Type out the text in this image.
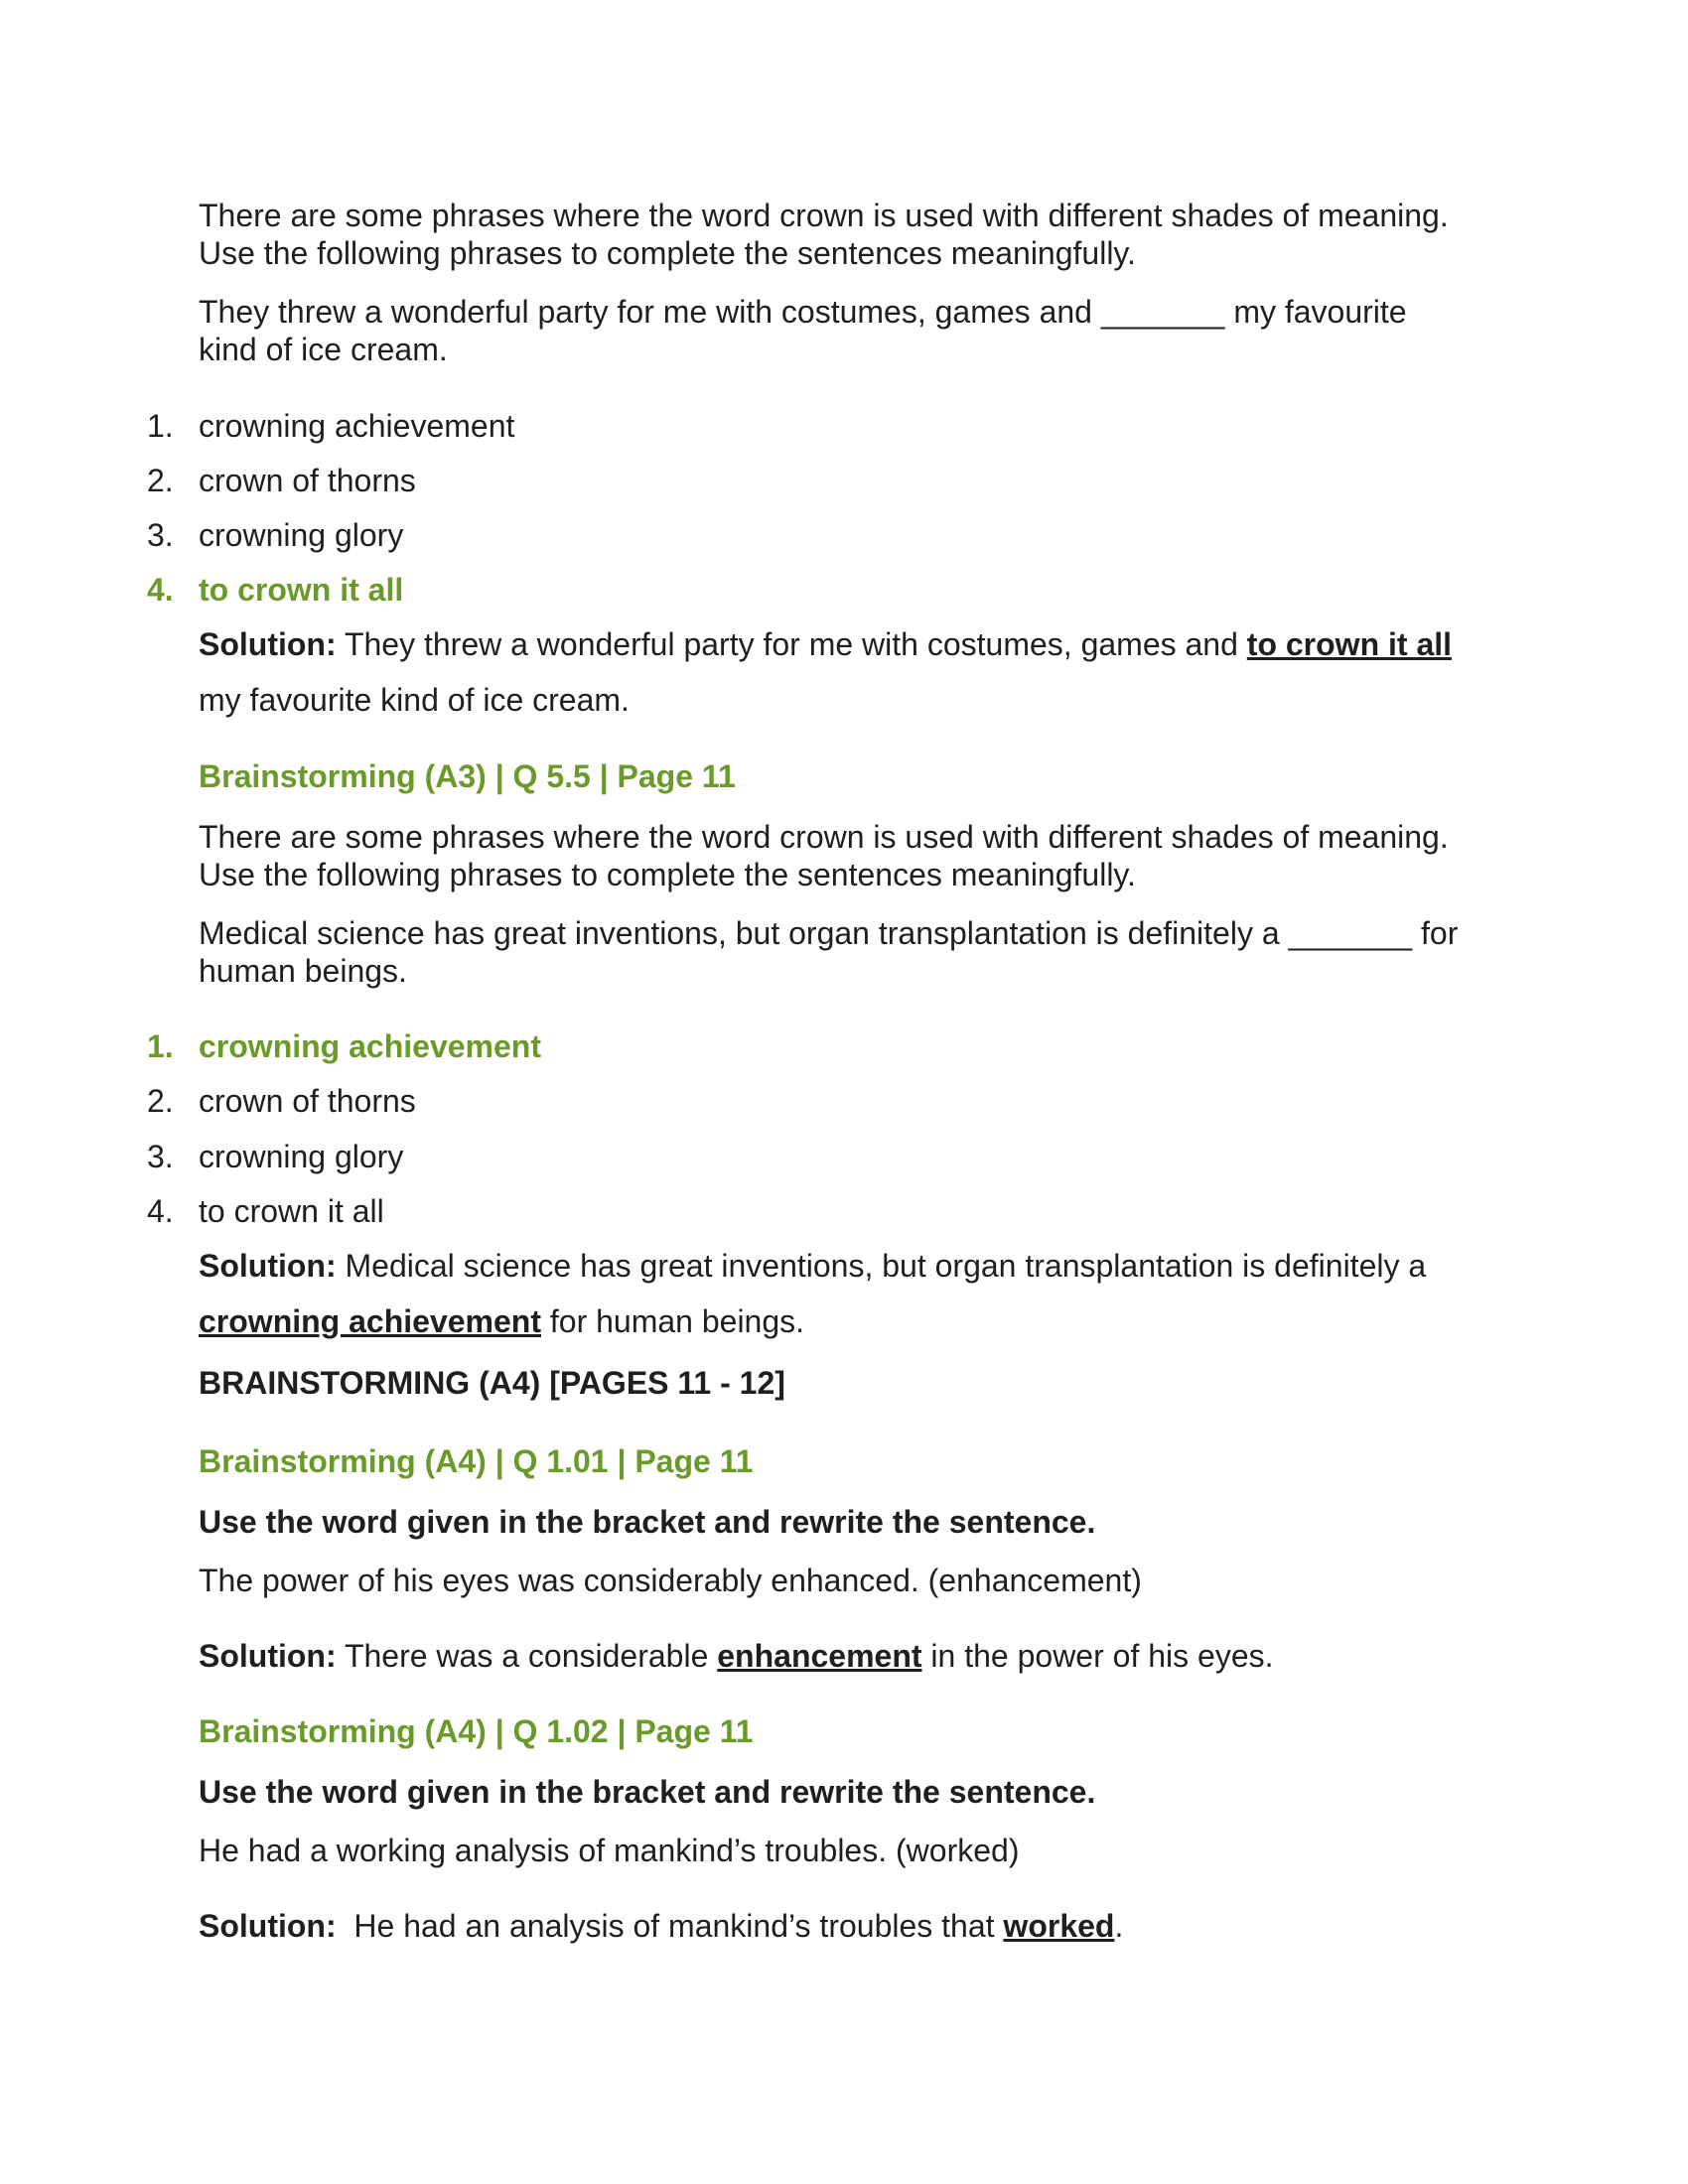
There are some phrases where the word crown is used with different shades of meaning. Use the following phrases to complete the sentences meaningfully.

They threw a wonderful party for me with costumes, games and _______ my favourite kind of ice cream.

1. crowning achievement
2. crown of thorns
3. crowning glory
4. to crown it all
Solution: They threw a wonderful party for me with costumes, games and to crown it all my favourite kind of ice cream.
Brainstorming (A3) | Q 5.5 | Page 11

There are some phrases where the word crown is used with different shades of meaning. Use the following phrases to complete the sentences meaningfully.

Medical science has great inventions, but organ transplantation is definitely a _______ for human beings.

1. crowning achievement
2. crown of thorns
3. crowning glory
4. to crown it all
Solution: Medical science has great inventions, but organ transplantation is definitely a crowning achievement for human beings.
BRAINSTORMING (A4) [PAGES 11 - 12]
Brainstorming (A4) | Q 1.01 | Page 11
Use the word given in the bracket and rewrite the sentence.

The power of his eyes was considerably enhanced. (enhancement)

Solution: There was a considerable enhancement in the power of his eyes.
Brainstorming (A4) | Q 1.02 | Page 11
Use the word given in the bracket and rewrite the sentence.

He had a working analysis of mankind’s troubles. (worked)

Solution:  He had an analysis of mankind’s troubles that worked.
